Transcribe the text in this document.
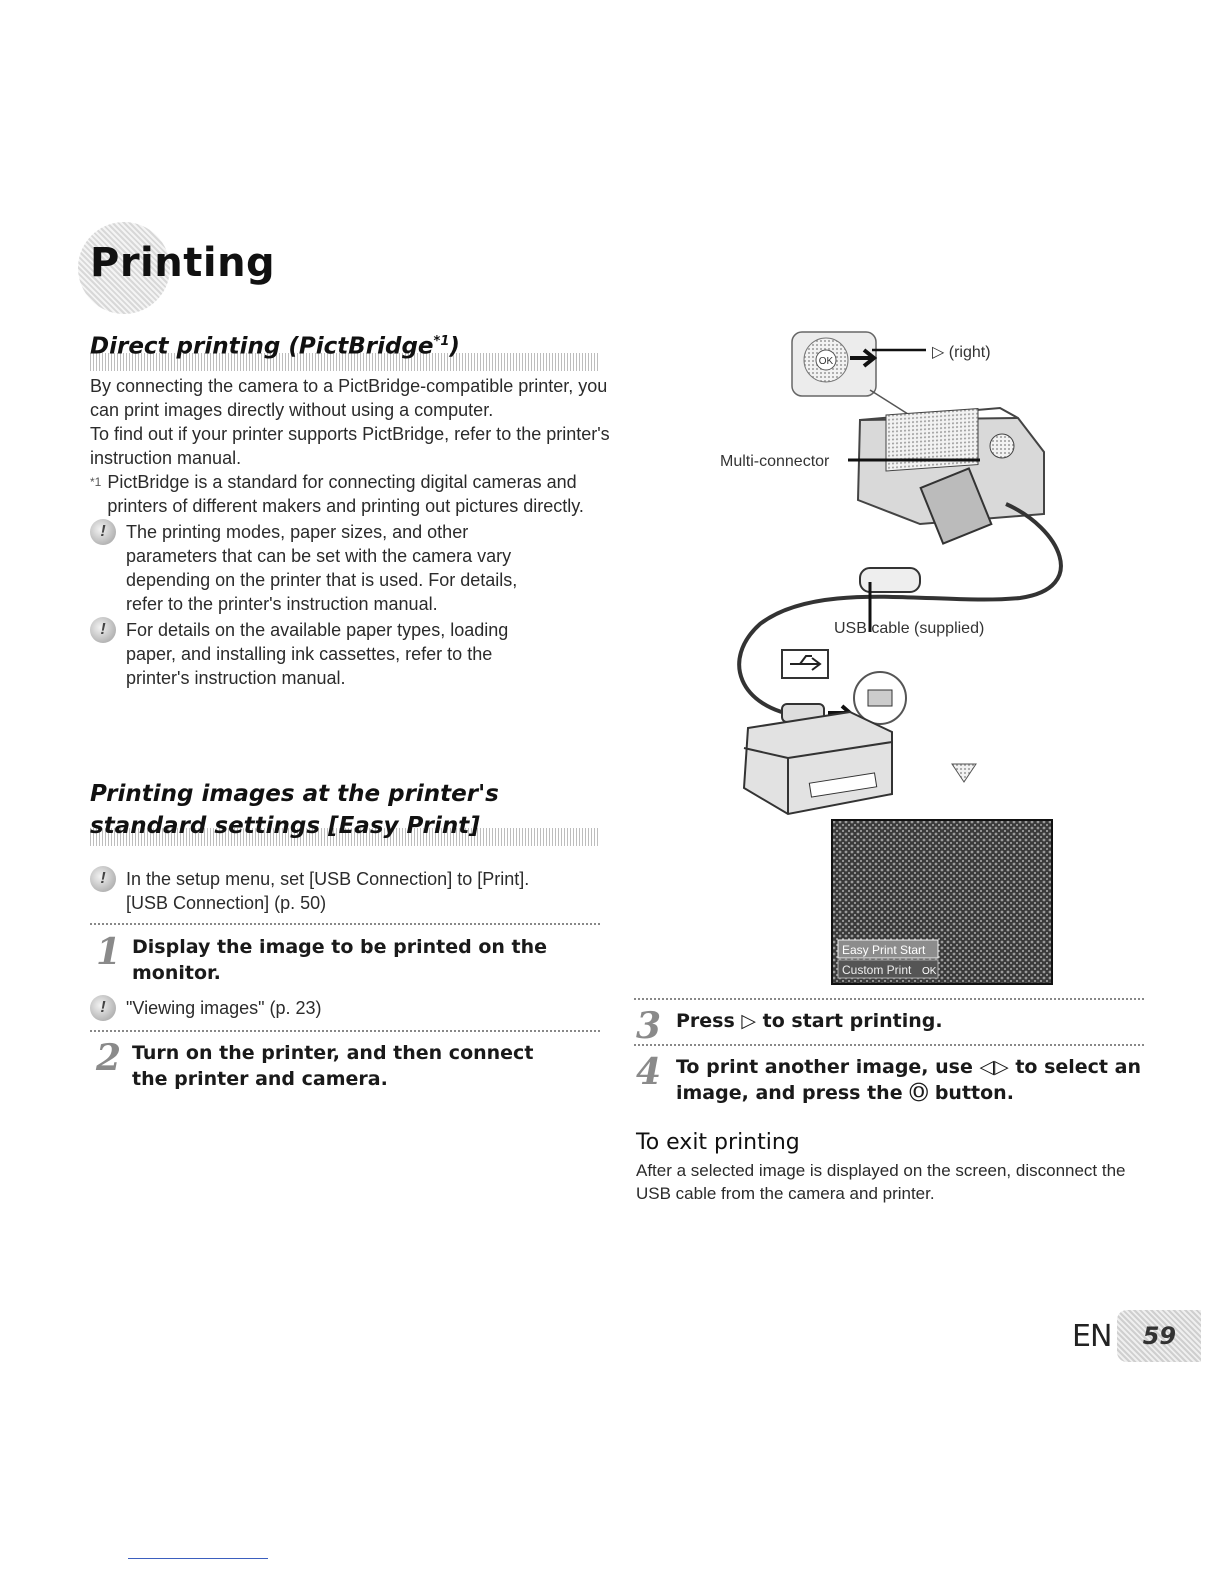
Printing
Direct printing (PictBridge$^{*1}$)
By connecting the camera to a PictBridge-compatible printer, you can print images directly without using a computer.
To find out if your printer supports PictBridge, refer to the printer's instruction manual.
*1 PictBridge is a standard for connecting digital cameras and printers of different makers and printing out pictures directly.
!	The printing modes, paper sizes, and other parameters that can be set with the camera vary depending on the printer that is used. For details, refer to the printer's instruction manual.
!	For details on the available paper types, loading paper, and installing ink cassettes, refer to the printer's instruction manual.
Printing images at the printer's
standard settings [Easy Print]
!	In the setup menu, set [USB Connection] to [Print].
[USB Connection] (p. 50)
1 Display the image to be printed on the monitor.
!	"Viewing images" (p. 23)
2 Turn on the printer, and then connect the printer and camera.
OK
▷ (right)
Multi-connector
USB cable (supplied)
Easy Print Start
Custom Print OK
3 Press ▷ to start printing.
4 To print another image, use ◁▷ to select an image, and press the Ⓞ button.
To exit printing
After a selected image is displayed on the screen, disconnect the USB cable from the camera and printer.
EN	59
